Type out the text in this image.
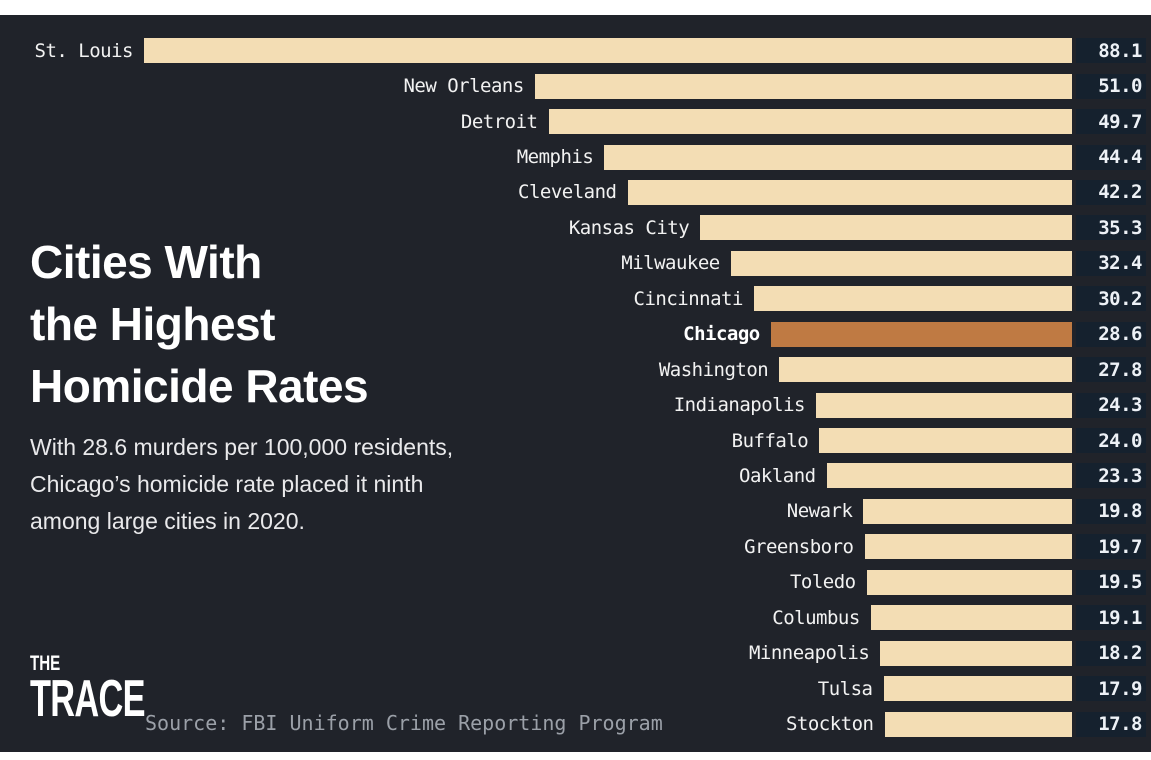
St. Louis	88.1
New Orleans	51.0
Detroit	49.7
Memphis	44.4
Cleveland	42.2
Kansas City	35.3
Milwaukee	32.4
Cincinnati	30.2
Chicago	28.6
Washington	27.8
Indianapolis	24.3
Buffalo	24.0
Oakland	23.3
Newark	19.8
Greensboro	19.7
Toledo	19.5
Columbus	19.1
Minneapolis	18.2
Tulsa	17.9
Stockton	17.8
Cities With
the Highest
Homicide Rates
With 28.6 murders per 100,000 residents,
Chicago’s homicide rate placed it ninth
among large cities in 2020.
THE
TRACE Source: FBI Uniform Crime Reporting Program
